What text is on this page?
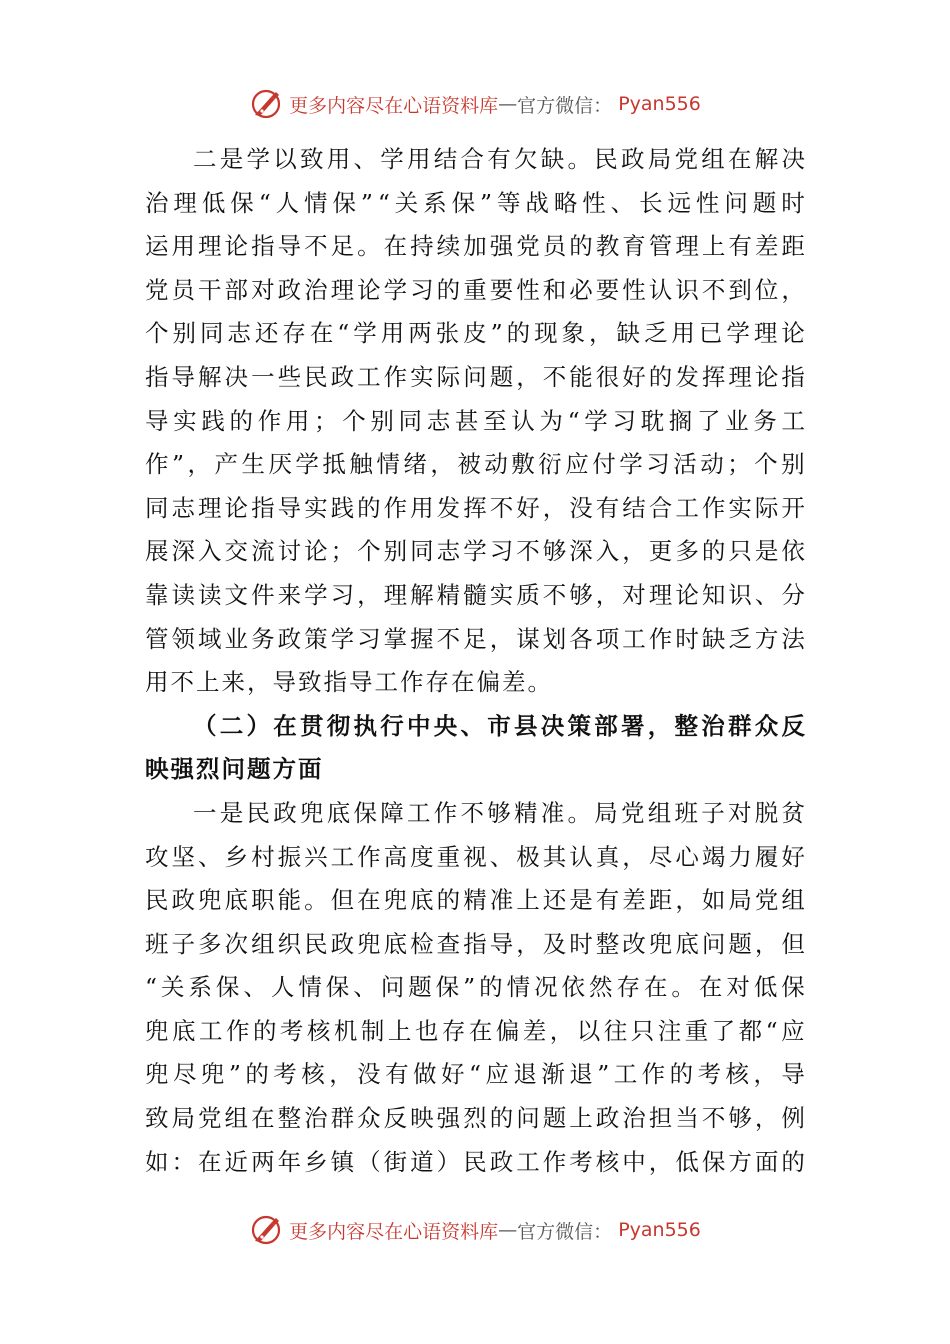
更多内容尽在心语资料库 — 官方微信： Pyan556
二 是 学 以 致 用 、 学 用 结 合 有 欠 缺 。 民 政 局 党 组 在 解 决
治 理 低 保 “ 人 情 保 ” “ 关 系 保 ” 等 战 略 性 、 长 远 性 问 题 时
运 用 理 论 指 导 不 足 。 在 持 续 加 强 党 员 的 教 育 管 理 上 有 差 距
党 员 干 部 对 政 治 理 论 学 习 的 重 要 性 和 必 要 性 认 识 不 到 位 ，
个 别 同 志 还 存 在 “ 学 用 两 张 皮 ” 的 现 象 ， 缺 乏 用 已 学 理 论
指 导 解 决 一 些 民 政 工 作 实 际 问 题 ， 不 能 很 好 的 发 挥 理 论 指
导 实 践 的 作 用 ； 个 别 同 志 甚 至 认 为 “ 学 习 耽 搁 了 业 务 工
作 ” ， 产 生 厌 学 抵 触 情 绪 ， 被 动 敷 衍 应 付 学 习 活 动 ； 个 别
同 志 理 论 指 导 实 践 的 作 用 发 挥 不 好 ， 没 有 结 合 工 作 实 际 开
展 深 入 交 流 讨 论 ； 个 别 同 志 学 习 不 够 深 入 ， 更 多 的 只 是 依
靠 读 读 文 件 来 学 习 ， 理 解 精 髓 实 质 不 够 ， 对 理 论 知 识 、 分
管 领 域 业 务 政 策 学 习 掌 握 不 足 ， 谋 划 各 项 工 作 时 缺 乏 方 法
用不上来，导致指导工作存在偏差。
（ 二 ） 在 贯 彻 执 行 中 央 、 市 县 决 策 部 署 ， 整 治 群 众 反
映强烈问题方面
一 是 民 政 兜 底 保 障 工 作 不 够 精 准 。 局 党 组 班 子 对 脱 贫
攻 坚 、 乡 村 振 兴 工 作 高 度 重 视 、 极 其 认 真 ， 尽 心 竭 力 履 好
民 政 兜 底 职 能 。 但 在 兜 底 的 精 准 上 还 是 有 差 距 ， 如 局 党 组
班 子 多 次 组 织 民 政 兜 底 检 查 指 导 ， 及 时 整 改 兜 底 问 题 ， 但
“ 关 系 保 、 人 情 保 、 问 题 保 ” 的 情 况 依 然 存 在 。 在 对 低 保
兜 底 工 作 的 考 核 机 制 上 也 存 在 偏 差 ， 以 往 只 注 重 了 都 “ 应
兜 尽 兜 ” 的 考 核 ， 没 有 做 好 “ 应 退 渐 退 ” 工 作 的 考 核 ， 导
致 局 党 组 在 整 治 群 众 反 映 强 烈 的 问 题 上 政 治 担 当 不 够 ， 例
如 ： 在 近 两 年 乡 镇 （ 街 道 ） 民 政 工 作 考 核 中 ， 低 保 方 面 的
更多内容尽在心语资料库 — 官方微信： Pyan556
